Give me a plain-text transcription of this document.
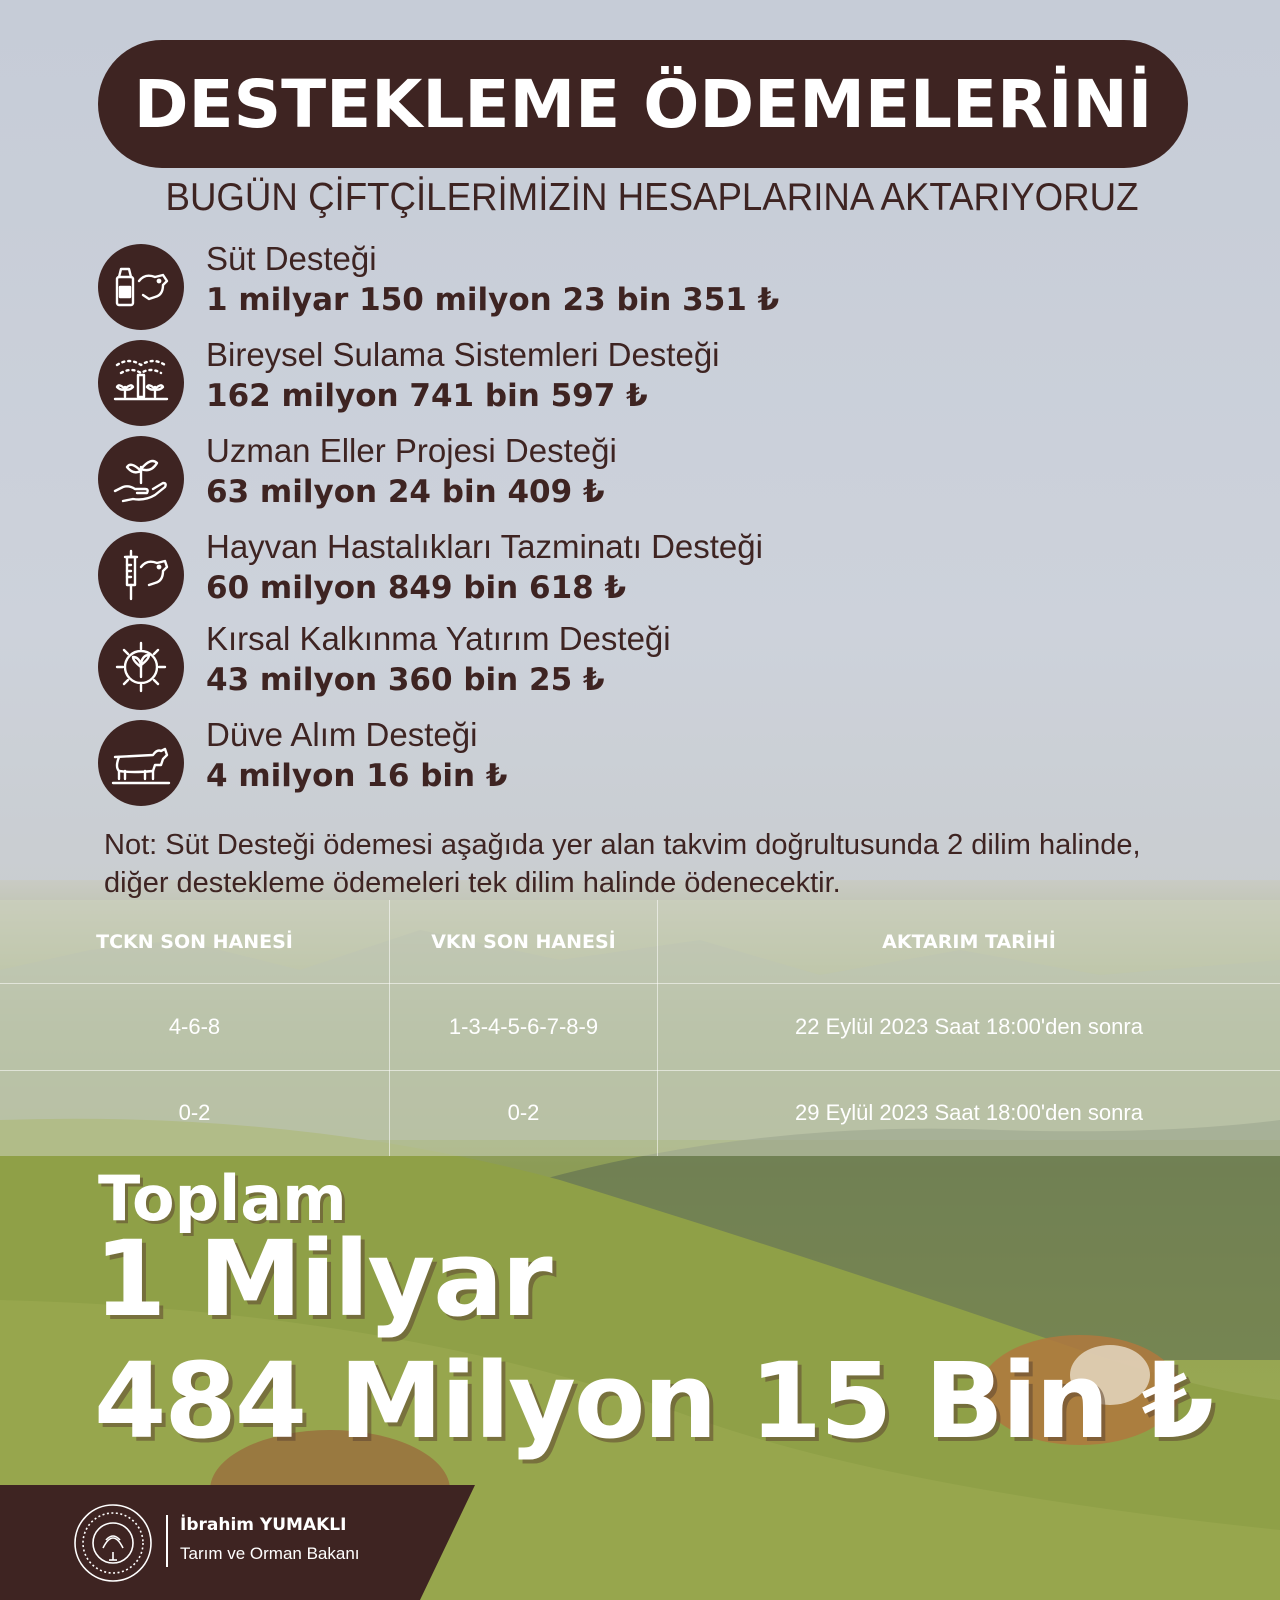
DESTEKLEME ÖDEMELERİNİ
BUGÜN ÇİFTÇİLERİMİZİN HESAPLARINA AKTARIYORUZ
Süt Desteği
1 milyar 150 milyon 23 bin 351 ₺
Bireysel Sulama Sistemleri Desteği
162 milyon 741 bin 597 ₺
Uzman Eller Projesi Desteği
63 milyon 24 bin 409 ₺
Hayvan Hastalıkları Tazminatı Desteği
60 milyon 849 bin 618 ₺
Kırsal Kalkınma Yatırım Desteği
43 milyon 360 bin 25 ₺
Düve Alım Desteği
4 milyon 16 bin ₺
Not: Süt Desteği ödemesi aşağıda yer alan takvim doğrultusunda 2 dilim halinde, diğer destekleme ödemeleri tek dilim halinde ödenecektir.
TCKN SON HANESİ	VKN SON HANESİ	AKTARIM TARİHİ
4-6-8	1-3-4-5-6-7-8-9	22 Eylül 2023 Saat 18:00'den sonra
0-2	0-2	29 Eylül 2023 Saat 18:00'den sonra
Toplam
1 Milyar
484 Milyon 15 Bin ₺
İbrahim YUMAKLI
Tarım ve Orman Bakanı
